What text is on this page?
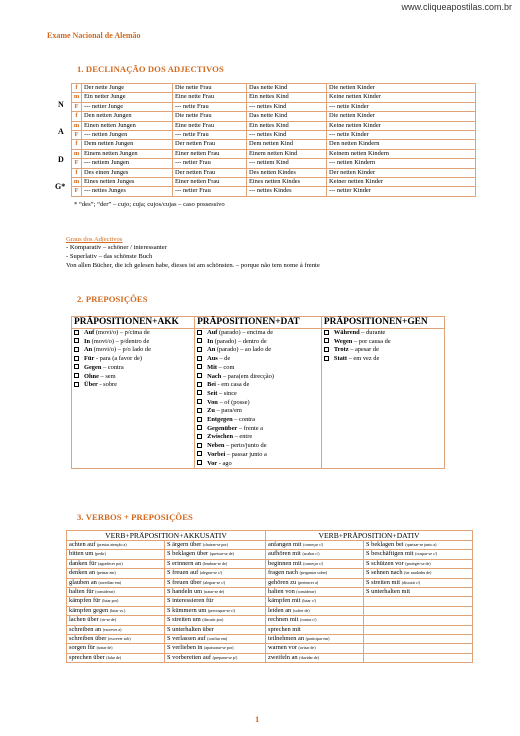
www.cliqueapostilas.com.br
Exame Nacional de Alemão
1. DECLINAÇÃO DOS ADJECTIVOS
N
A
D
G*
f	Der nette Junge	Die nette Frau	Das nette Kind	Die netten Kinder
m	Ein netter Junge	Eine nette Frau	Ein nettes Kind	Keine netten Kinder
F	--- netter Junge	--- nette Frau	--- nettes Kind	--- nette Kinder
f	Den netten Jungen	Die nette Frau	Das nette Kind	Die netten Kinder
m	Einen netten Jungen	Eine nette Frau	Ein nettes Kind	Keine netten Kinder
F	--- netten Jungen	--- nette Frau	--- nettes Kind	--- nette Kinder
f	Dem netten Jungen	Der netten Frau	Dem netten Kind	Den netten Kindern
m	Einem netten Jungen	Einer netten Frau	Einem netten Kind	Keinem netten Kindern
F	--- nettem Jungen	--- netter Frau	--- nettem Kind	--- netten Kindern
f	Des einen Junges	Der netten Frau	Des netten Kindes	Der netten Kinder
m	Eines netten Junges	Einer netten Frau	Eines netten Kindes	Keiner netten Kinder
F	--- nettes Junges	--- netter Frau	--- nettes Kindes	--- netter Kinder
* “des”; “der” – cujo; cuja; cujos/cujas – caso possessivo
Graus dos Adjectivos
- Komparativ – schöner / interessanter
- Superlativ – das schönste Buch
Von allen Bücher, die ich gelesen habe, dieses ist am schönsten. – porque não tem nome à frente
2. PREPOSIÇÕES
PRÄPOSITIONEN+AKK	PRÄPOSITIONEN+DAT	PRÄPOSITIONEN+GEN
Auf (movi/o) – p/cima de	Auf (parado) – encima de	Während – durante
In (movi/o) – p/dentro de	In (parado) – dentro de	Wegen – por causa de
An (movi/o) – p/o lado de	An (parado) – ao lado de	Trotz – apesar de
Für - para (a favor de)	Aus – de	Statt – em vez de
Gegen – contra	Mit – com	
Ohne – sem	Nach – para(em direcção)	
Über - sobre	Bei - em casa de	
	Seit – since	
	Von – of (posse)	
	Zu – para/em	
	Entgegen – contra	
	Gegenüber – frente a	
	Zwischen – entre	
	Neben – perto/junto de	
	Vorbei – passar junto a	
	Vor - ago	
3. VERBOS + PREPOSIÇÕES
VERB+PRÄPOSITION+AKKUSATIV		VERB+PRÄPOSITION+DATIV	
achten auf (prestar atenção a)	S ärgern über (chatear-se por)	anfangen mit (começar c/)	S beklagen bei (queixar-se junto a)
bitten um (pedir)	S beklagen über (queixar-se de)	aufhören mit (acabar c/)	S beschäftigen mit (ocupar-se c/)
danken für (agradecer por)	S erinnern an (lembrar-se de)	beginnen mit (começar c/)	S schützen vor (proteger-se de)
denken an (pensar em)	S freuen auf (alegrar-se c/)	fragen nach (perguntar sobre)	S sehnen nach (ter saudades de)
glauben an (acreditar em)	S freuen über (alegrar-se c/)	gehören zu (pertencer a)	S streiten mit (discutir c/)
halten für (considerar)	S handeln um (tratar-se de)	halten von (considerar)	S unterhalten mit
kämpfen für (lutar por)	S interessieren für	kämpfen mit (lutar c/)	
kämpfen gegen (lutar vs.)	S kümmern um (preocupar-se c/)	leiden an (sofrer de)	
lachen über (rir-se de)	S streiten um (discutir por)	rechnen mit (contar c/)	
schreiben an (escrever a)	S unterhalten über	sprechen mit	
schreiben über (escrever sob)	S verlassen auf (confiar em)	teilnehmen an (participar em)	
sorgen für (tratar de)	S verlieben in (apaixonar-se por)	warnen vor (avisar de)	
sprechen über (falar de)	S vorbereiten auf (preparar-se p/)	zweifeln an (duvidar de)	
1
